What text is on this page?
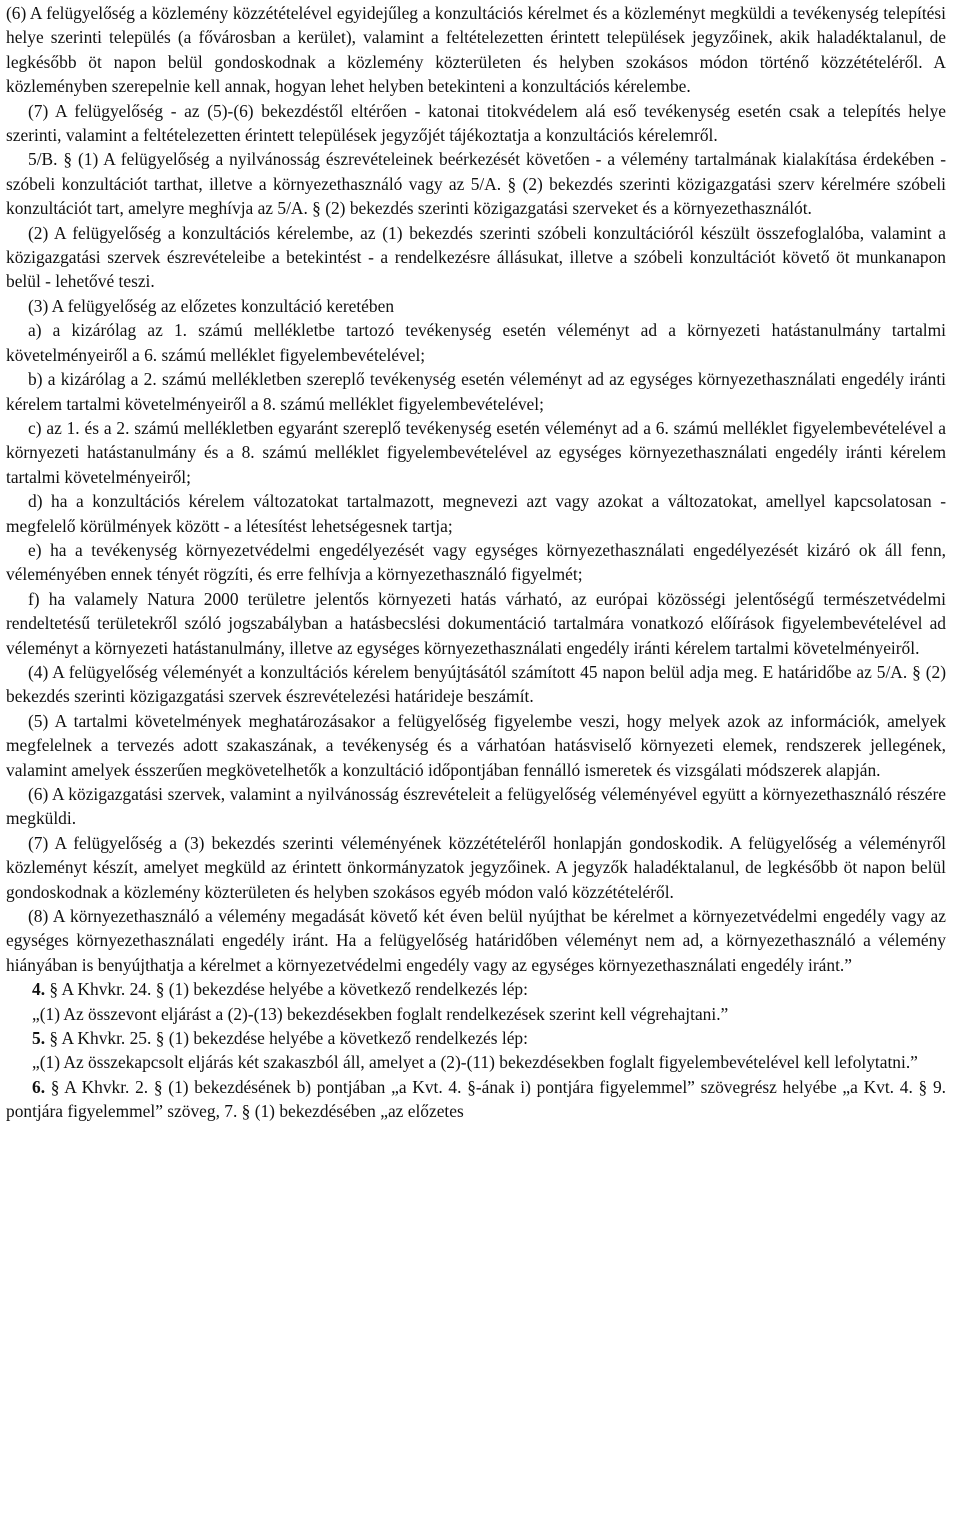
(6) A felügyelőség a közlemény közzétételével egyidejűleg a konzultációs kérelmet és a közleményt megküldi a tevékenység telepítési helye szerinti település (a fővárosban a kerület), valamint a feltételezetten érintett települések jegyzőinek, akik haladéktalanul, de legkésőbb öt napon belül gondoskodnak a közlemény közterületen és helyben szokásos módon történő közzétételéről. A közleményben szerepelnie kell annak, hogyan lehet helyben betekinteni a konzultációs kérelembe.

(7) A felügyelőség - az (5)-(6) bekezdéstől eltérően - katonai titokvédelem alá eső tevékenység esetén csak a telepítés helye szerinti, valamint a feltételezetten érintett települések jegyzőjét tájékoztatja a konzultációs kérelemről.

5/B. § (1) A felügyelőség a nyilvánosság észrevételeinek beérkezését követően - a vélemény tartalmának kialakítása érdekében - szóbeli konzultációt tarthat, illetve a környezethasználó vagy az 5/A. § (2) bekezdés szerinti közigazgatási szerv kérelmére szóbeli konzultációt tart, amelyre meghívja az 5/A. § (2) bekezdés szerinti közigazgatási szerveket és a környezethasználót.

(2) A felügyelőség a konzultációs kérelembe, az (1) bekezdés szerinti szóbeli konzultációról készült összefoglalóba, valamint a közigazgatási szervek észrevételeibe a betekintést - a rendelkezésre állásukat, illetve a szóbeli konzultációt követő öt munkanapon belül - lehetővé teszi.

(3) A felügyelőség az előzetes konzultáció keretében

a) a kizárólag az 1. számú mellékletbe tartozó tevékenység esetén véleményt ad a környezeti hatástanulmány tartalmi követelményeiről a 6. számú melléklet figyelembevételével;

b) a kizárólag a 2. számú mellékletben szereplő tevékenység esetén véleményt ad az egységes környezethasználati engedély iránti kérelem tartalmi követelményeiről a 8. számú melléklet figyelembevételével;

c) az 1. és a 2. számú mellékletben egyaránt szereplő tevékenység esetén véleményt ad a 6. számú melléklet figyelembevételével a környezeti hatástanulmány és a 8. számú melléklet figyelembevételével az egységes környezethasználati engedély iránti kérelem tartalmi követelményeiről;

d) ha a konzultációs kérelem változatokat tartalmazott, megnevezi azt vagy azokat a változatokat, amellyel kapcsolatosan - megfelelő körülmények között - a létesítést lehetségesnek tartja;

e) ha a tevékenység környezetvédelmi engedélyezését vagy egységes környezethasználati engedélyezését kizáró ok áll fenn, véleményében ennek tényét rögzíti, és erre felhívja a környezethasználó figyelmét;

f) ha valamely Natura 2000 területre jelentős környezeti hatás várható, az európai közösségi jelentőségű természetvédelmi rendeltetésű területekről szóló jogszabályban a hatásbecslési dokumentáció tartalmára vonatkozó előírások figyelembevételével ad véleményt a környezeti hatástanulmány, illetve az egységes környezethasználati engedély iránti kérelem tartalmi követelményeiről.

(4) A felügyelőség véleményét a konzultációs kérelem benyújtásától számított 45 napon belül adja meg. E határidőbe az 5/A. § (2) bekezdés szerinti közigazgatási szervek észrevételezési határideje beszámít.

(5) A tartalmi követelmények meghatározásakor a felügyelőség figyelembe veszi, hogy melyek azok az információk, amelyek megfelelnek a tervezés adott szakaszának, a tevékenység és a várhatóan hatásviselő környezeti elemek, rendszerek jellegének, valamint amelyek ésszerűen megkövetelhetők a konzultáció időpontjában fennálló ismeretek és vizsgálati módszerek alapján.

(6) A közigazgatási szervek, valamint a nyilvánosság észrevételeit a felügyelőség véleményével együtt a környezethasználó részére megküldi.

(7) A felügyelőség a (3) bekezdés szerinti véleményének közzétételéről honlapján gondoskodik. A felügyelőség a véleményről közleményt készít, amelyet megküld az érintett önkormányzatok jegyzőinek. A jegyzők haladéktalanul, de legkésőbb öt napon belül gondoskodnak a közlemény közterületen és helyben szokásos egyéb módon való közzétételéről.

(8) A környezethasználó a vélemény megadását követő két éven belül nyújthat be kérelmet a környezetvédelmi engedély vagy az egységes környezethasználati engedély iránt. Ha a felügyelőség határidőben véleményt nem ad, a környezethasználó a vélemény hiányában is benyújthatja a kérelmet a környezetvédelmi engedély vagy az egységes környezethasználati engedély iránt.”

4. § A Khvkr. 24. § (1) bekezdése helyébe a következő rendelkezés lép:

„(1) Az összevont eljárást a (2)-(13) bekezdésekben foglalt rendelkezések szerint kell végrehajtani.”

5. § A Khvkr. 25. § (1) bekezdése helyébe a következő rendelkezés lép:

„(1) Az összekapcsolt eljárás két szakaszból áll, amelyet a (2)-(11) bekezdésekben foglalt figyelembevételével kell lefolytatni.”

6. § A Khvkr. 2. § (1) bekezdésének b) pontjában „a Kvt. 4. §-ának i) pontjára figyelemmel” szövegrész helyébe „a Kvt. 4. § 9. pontjára figyelemmel” szöveg, 7. § (1) bekezdésében „az előzetes
